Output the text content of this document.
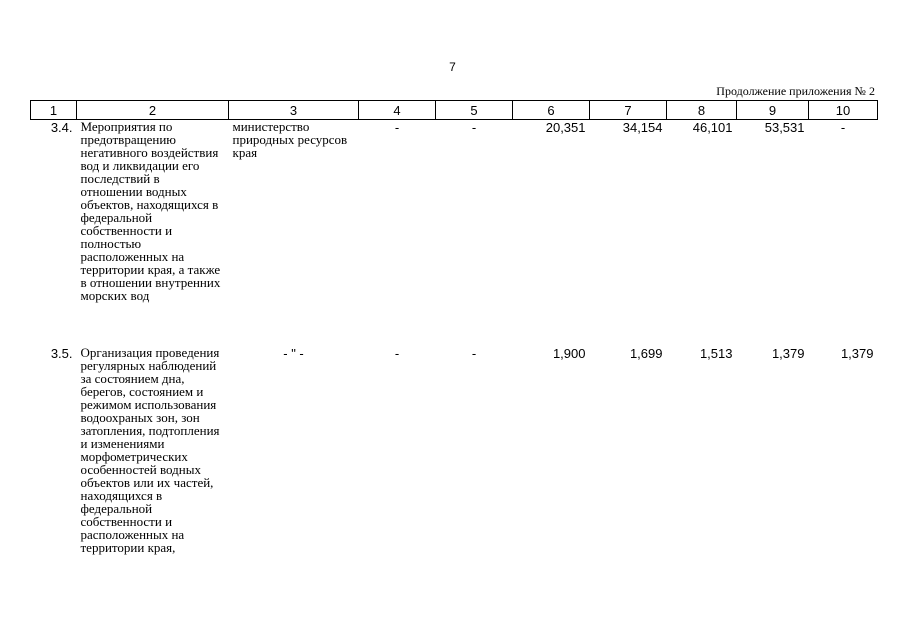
7
Продолжение приложения № 2
1	2	3	4	5	6	7	8	9	10
3.4.	Мероприятия по предотвращению негативного воздействия вод и ликвидации его последствий в отношении водных объектов, находящихся в федеральной собственности и полностью расположенных на территории края, а также в отношении внутренних морских вод	министерство природных ресурсов края	-	-	20,351	34,154	46,101	53,531	-
3.5.	Организация проведения регулярных наблюдений за состоянием дна, берегов, состоянием и режимом использования водоохраных зон, зон затопления, подтопления и изменениями морфометрических особенностей водных объектов или их частей, находящихся в федеральной собственности и расположенных на территории края,	- " -	-	-	1,900	1,699	1,513	1,379	1,379
